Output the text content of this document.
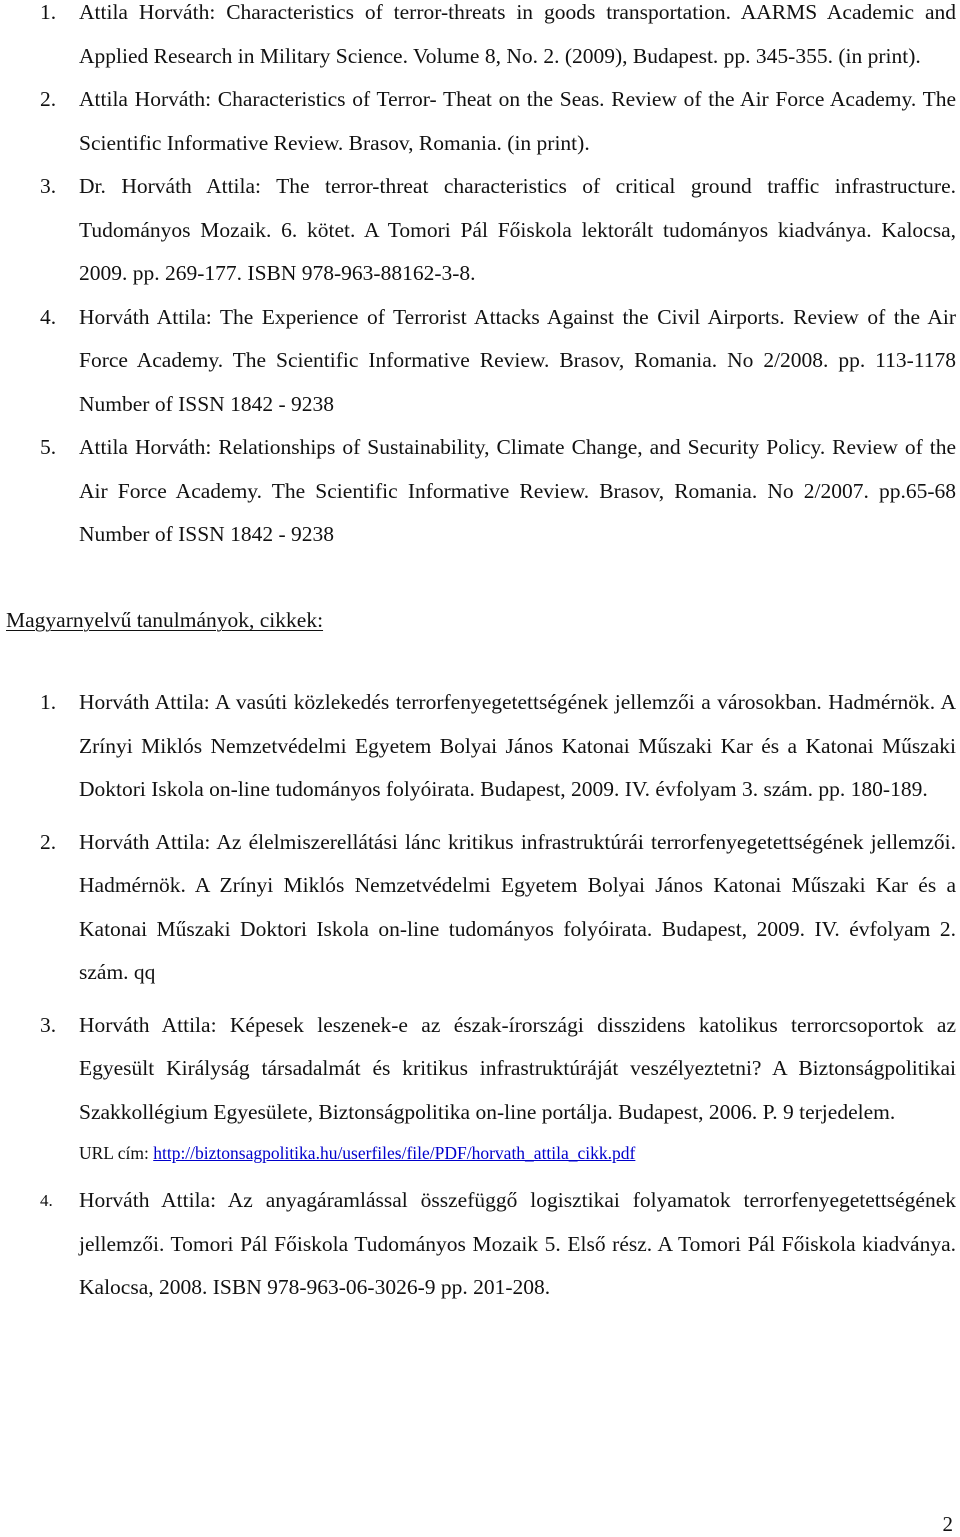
1. Attila Horváth: Characteristics of terror-threats in goods transportation. AARMS Academic and Applied Research in Military Science. Volume 8, No. 2. (2009), Budapest. pp. 345-355. (in print).
2. Attila Horváth: Characteristics of Terror- Theat on the Seas. Review of the Air Force Academy. The Scientific Informative Review. Brasov, Romania. (in print).
3. Dr. Horváth Attila: The terror-threat characteristics of critical ground traffic infrastructure. Tudományos Mozaik. 6. kötet. A Tomori Pál Főiskola lektorált tudományos kiadványa. Kalocsa, 2009. pp. 269-177. ISBN 978-963-88162-3-8.
4. Horváth Attila: The Experience of Terrorist Attacks Against the Civil Airports. Review of the Air Force Academy. The Scientific Informative Review. Brasov, Romania. No 2/2008. pp. 113-1178 Number of ISSN 1842 - 9238
5. Attila Horváth: Relationships of Sustainability, Climate Change, and Security Policy. Review of the Air Force Academy. The Scientific Informative Review. Brasov, Romania. No 2/2007. pp.65-68 Number of ISSN 1842 - 9238
Magyarnyelvű tanulmányok, cikkek:
1. Horváth Attila: A vasúti közlekedés terrorfenyegetettségének jellemzői a városokban. Hadmérnök. A Zrínyi Miklós Nemzetvédelmi Egyetem Bolyai János Katonai Műszaki Kar és a Katonai Műszaki Doktori Iskola on-line tudományos folyóirata. Budapest, 2009. IV. évfolyam 3. szám. pp. 180-189.
2. Horváth Attila: Az élelmiszerellátási lánc kritikus infrastruktúrái terrorfenyegetettségének jellemzői. Hadmérnök. A Zrínyi Miklós Nemzetvédelmi Egyetem Bolyai János Katonai Műszaki Kar és a Katonai Műszaki Doktori Iskola on-line tudományos folyóirata. Budapest, 2009. IV. évfolyam 2. szám. qq
3. Horváth Attila: Képesek leszenek-e az észak-írországi disszidens katolikus terrorcsoportok az Egyesült Királyság társadalmát és kritikus infrastruktúráját veszélyeztetni? A Biztonságpolitikai Szakkollégium Egyesülete, Biztonságpolitika on-line portálja. Budapest, 2006. P. 9 terjedelem.
URL cím: http://biztonsagpolitika.hu/userfiles/file/PDF/horvath_attila_cikk.pdf
4. Horváth Attila: Az anyagáramlással összefüggő logisztikai folyamatok terrorfenyegetettségének jellemzői. Tomori Pál Főiskola Tudományos Mozaik 5. Első rész. A Tomori Pál Főiskola kiadványa. Kalocsa, 2008. ISBN 978-963-06-3026-9 pp. 201-208.
2
